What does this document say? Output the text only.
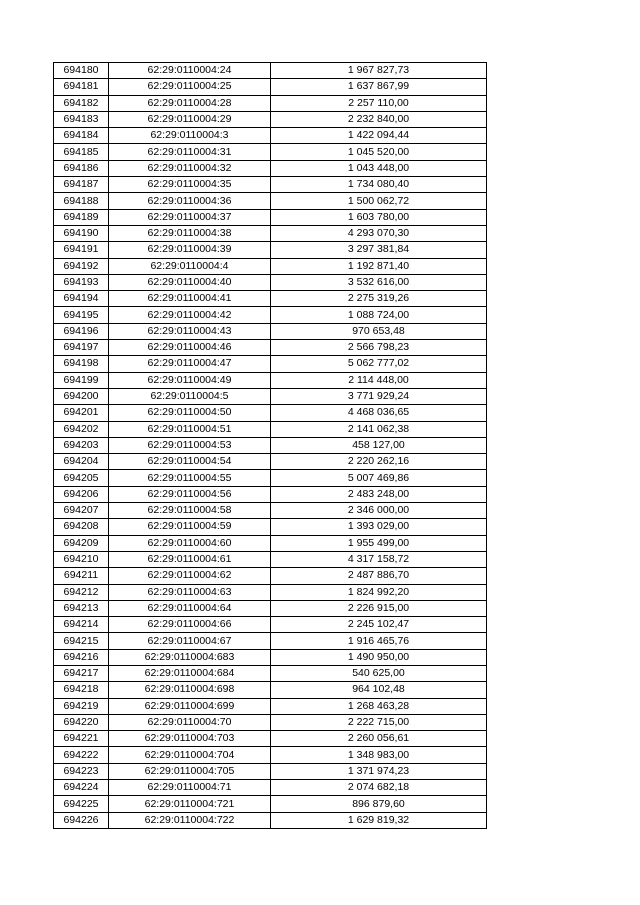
694180	62:29:0110004:24	1 967 827,73
694181	62:29:0110004:25	1 637 867,99
694182	62:29:0110004:28	2 257 110,00
694183	62:29:0110004:29	2 232 840,00
694184	62:29:0110004:3	1 422 094,44
694185	62:29:0110004:31	1 045 520,00
694186	62:29:0110004:32	1 043 448,00
694187	62:29:0110004:35	1 734 080,40
694188	62:29:0110004:36	1 500 062,72
694189	62:29:0110004:37	1 603 780,00
694190	62:29:0110004:38	4 293 070,30
694191	62:29:0110004:39	3 297 381,84
694192	62:29:0110004:4	1 192 871,40
694193	62:29:0110004:40	3 532 616,00
694194	62:29:0110004:41	2 275 319,26
694195	62:29:0110004:42	1 088 724,00
694196	62:29:0110004:43	970 653,48
694197	62:29:0110004:46	2 566 798,23
694198	62:29:0110004:47	5 062 777,02
694199	62:29:0110004:49	2 114 448,00
694200	62:29:0110004:5	3 771 929,24
694201	62:29:0110004:50	4 468 036,65
694202	62:29:0110004:51	2 141 062,38
694203	62:29:0110004:53	458 127,00
694204	62:29:0110004:54	2 220 262,16
694205	62:29:0110004:55	5 007 469,86
694206	62:29:0110004:56	2 483 248,00
694207	62:29:0110004:58	2 346 000,00
694208	62:29:0110004:59	1 393 029,00
694209	62:29:0110004:60	1 955 499,00
694210	62:29:0110004:61	4 317 158,72
694211	62:29:0110004:62	2 487 886,70
694212	62:29:0110004:63	1 824 992,20
694213	62:29:0110004:64	2 226 915,00
694214	62:29:0110004:66	2 245 102,47
694215	62:29:0110004:67	1 916 465,76
694216	62:29:0110004:683	1 490 950,00
694217	62:29:0110004:684	540 625,00
694218	62:29:0110004:698	964 102,48
694219	62:29:0110004:699	1 268 463,28
694220	62:29:0110004:70	2 222 715,00
694221	62:29:0110004:703	2 260 056,61
694222	62:29:0110004:704	1 348 983,00
694223	62:29:0110004:705	1 371 974,23
694224	62:29:0110004:71	2 074 682,18
694225	62:29:0110004:721	896 879,60
694226	62:29:0110004:722	1 629 819,32
